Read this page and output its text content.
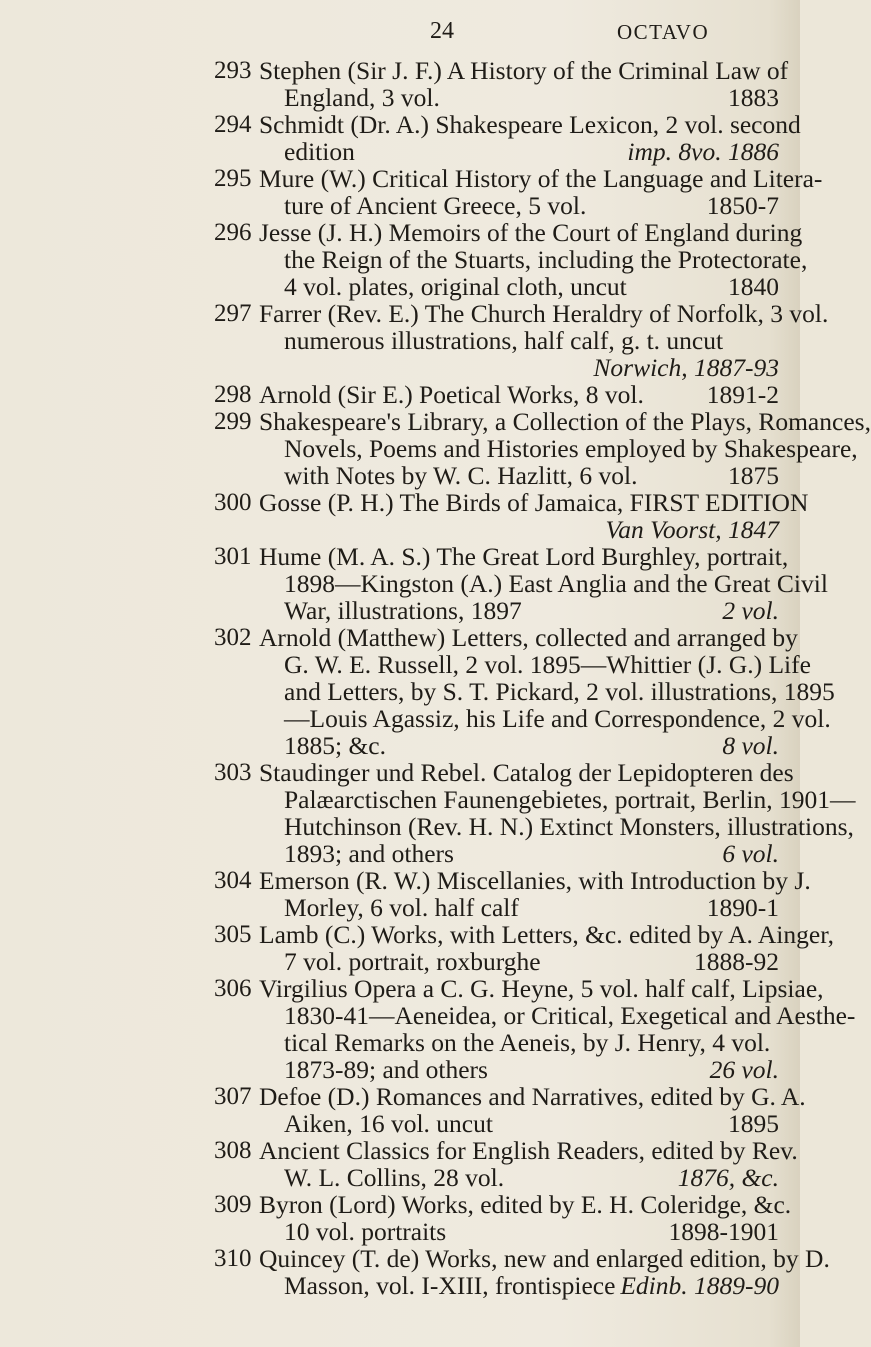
24	OCTAVO
293 Stephen (Sir J. F.) A History of the Criminal Law of
England, 3 vol.	1883
294 Schmidt (Dr. A.) Shakespeare Lexicon, 2 vol. second
edition	imp. 8vo. 1886
295 Mure (W.) Critical History of the Language and Litera-
ture of Ancient Greece, 5 vol.	1850-7
296 Jesse (J. H.) Memoirs of the Court of England during
the Reign of the Stuarts, including the Protectorate,
4 vol. plates, original cloth, uncut	1840
297 Farrer (Rev. E.) The Church Heraldry of Norfolk, 3 vol.
numerous illustrations, half calf, g. t. uncut
Norwich, 1887-93
298 Arnold (Sir E.) Poetical Works, 8 vol. 1891-2
299 Shakespeare's Library, a Collection of the Plays, Romances,
Novels, Poems and Histories employed by Shakespeare,
with Notes by W. C. Hazlitt, 6 vol.	1875
300 Gosse (P. H.) The Birds of Jamaica, FIRST EDITION
Van Voorst, 1847
301 Hume (M. A. S.) The Great Lord Burghley, portrait,
1898—Kingston (A.) East Anglia and the Great Civil
War, illustrations, 1897	2 vol.
302 Arnold (Matthew) Letters, collected and arranged by
G. W. E. Russell, 2 vol. 1895—Whittier (J. G.) Life
and Letters, by S. T. Pickard, 2 vol. illustrations, 1895
—Louis Agassiz, his Life and Correspondence, 2 vol.
1885; &c.	8 vol.
303 Staudinger und Rebel. Catalog der Lepidopteren des
Palæarctischen Faunengebietes, portrait, Berlin, 1901—
Hutchinson (Rev. H. N.) Extinct Monsters, illustrations,
1893; and others	6 vol.
304 Emerson (R. W.) Miscellanies, with Introduction by J.
Morley, 6 vol. half calf	1890-1
305 Lamb (C.) Works, with Letters, &c. edited by A. Ainger,
7 vol. portrait, roxburghe	1888-92
306 Virgilius Opera a C. G. Heyne, 5 vol. half calf, Lipsiae,
1830-41—Aeneidea, or Critical, Exegetical and Aesthe-
tical Remarks on the Aeneis, by J. Henry, 4 vol.
1873-89; and others	26 vol.
307 Defoe (D.) Romances and Narratives, edited by G. A.
Aiken, 16 vol. uncut	1895
308 Ancient Classics for English Readers, edited by Rev.
W. L. Collins, 28 vol.	1876, &c.
309 Byron (Lord) Works, edited by E. H. Coleridge, &c.
10 vol. portraits	1898-1901
310 Quincey (T. de) Works, new and enlarged edition, by D.
Masson, vol. I-XIII, frontispiece Edinb. 1889-90
